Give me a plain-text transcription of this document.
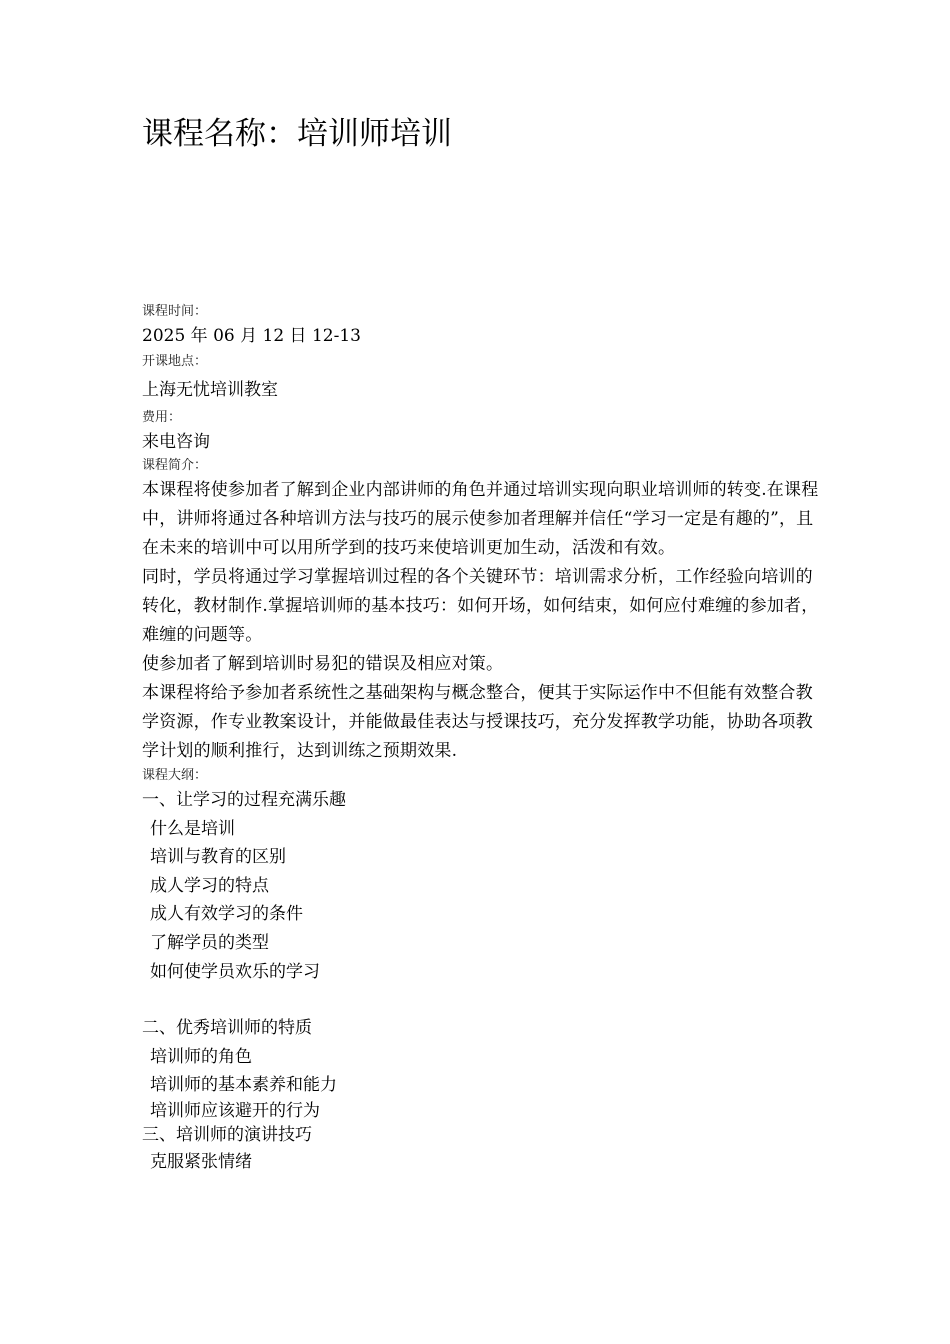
课程名称：培训师培训
课程时间：
2025 年 06 月 12 日 12-13
开课地点：
上海无忧培训教室
费用：
来电咨询
课程简介：
本课程将使参加者了解到企业内部讲师的角色并通过培训实现向职业培训师的转变.在课程中，讲师将通过各种培训方法与技巧的展示使参加者理解并信任“学习一定是有趣的”，且在未来的培训中可以用所学到的技巧来使培训更加生动，活泼和有效。
同时，学员将通过学习掌握培训过程的各个关键环节：培训需求分析，工作经验向培训的转化，教材制作.掌握培训师的基本技巧：如何开场，如何结束，如何应付难缠的参加者，难缠的问题等。
使参加者了解到培训时易犯的错误及相应对策。
本课程将给予参加者系统性之基础架构与概念整合，便其于实际运作中不但能有效整合教学资源，作专业教案设计，并能做最佳表达与授课技巧，充分发挥教学功能，协助各项教学计划的顺利推行，达到训练之预期效果.
课程大纲：
一、让学习的过程充满乐趣
什么是培训
培训与教育的区别
成人学习的特点
成人有效学习的条件
了解学员的类型
如何使学员欢乐的学习
二、优秀培训师的特质
培训师的角色
培训师的基本素养和能力
培训师应该避开的行为
三、培训师的演讲技巧
克服紧张情绪
